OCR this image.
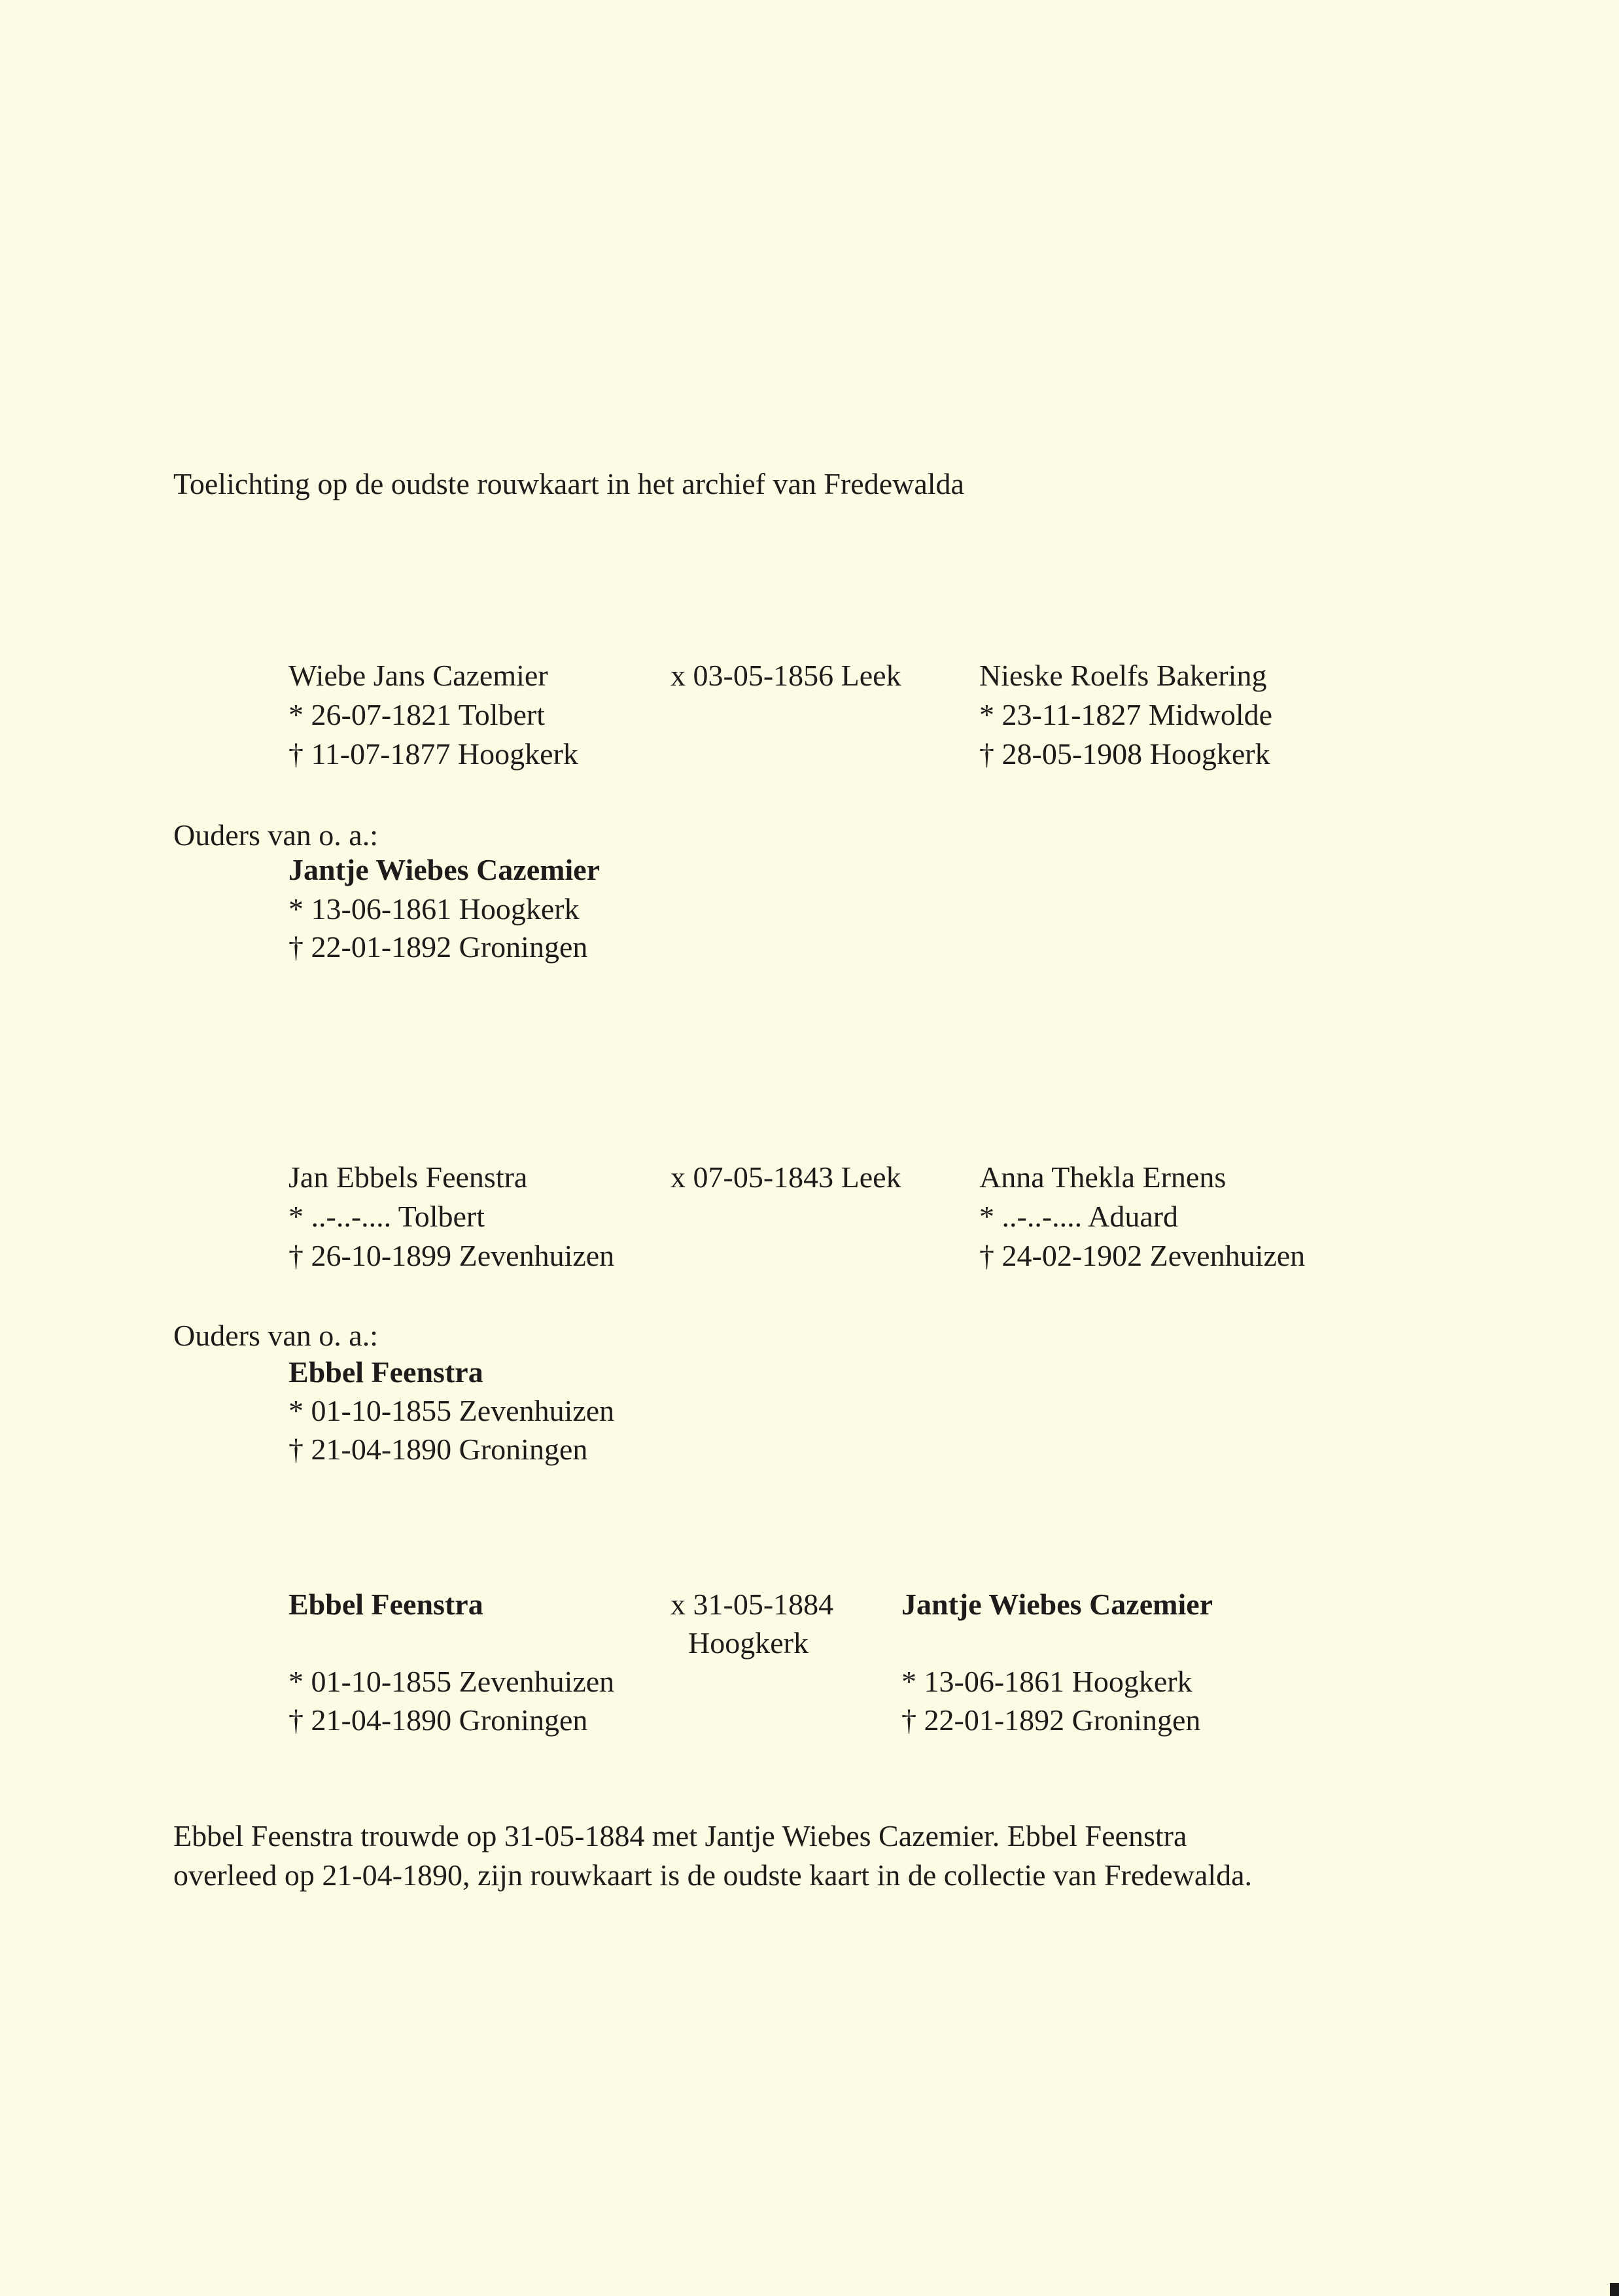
Toelichting op de oudste rouwkaart in het archief van Fredewalda
Wiebe Jans Cazemier
* 26-07-1821 Tolbert
† 11-07-1877 Hoogkerk
x 03-05-1856 Leek	Nieske Roelfs Bakering
* 23-11-1827 Midwolde
† 28-05-1908 Hoogkerk
Ouders van o. a.:
Jantje Wiebes Cazemier
* 13-06-1861 Hoogkerk
† 22-01-1892 Groningen
Jan Ebbels Feenstra
* ..-..-.... Tolbert
† 26-10-1899 Zevenhuizen
x 07-05-1843 Leek	Anna Thekla Ernens
* ..-..-.... Aduard
† 24-02-1902 Zevenhuizen
Ouders van o. a.:
Ebbel Feenstra
* 01-10-1855 Zevenhuizen
† 21-04-1890 Groningen
Ebbel Feenstra
* 01-10-1855 Zevenhuizen
† 21-04-1890 Groningen
x 31-05-1884
Hoogkerk
Jantje Wiebes Cazemier
* 13-06-1861 Hoogkerk
† 22-01-1892 Groningen
Ebbel Feenstra trouwde op 31-05-1884 met Jantje Wiebes Cazemier. Ebbel Feenstra
overleed op 21-04-1890, zijn rouwkaart is de oudste kaart in de collectie van Fredewalda.
